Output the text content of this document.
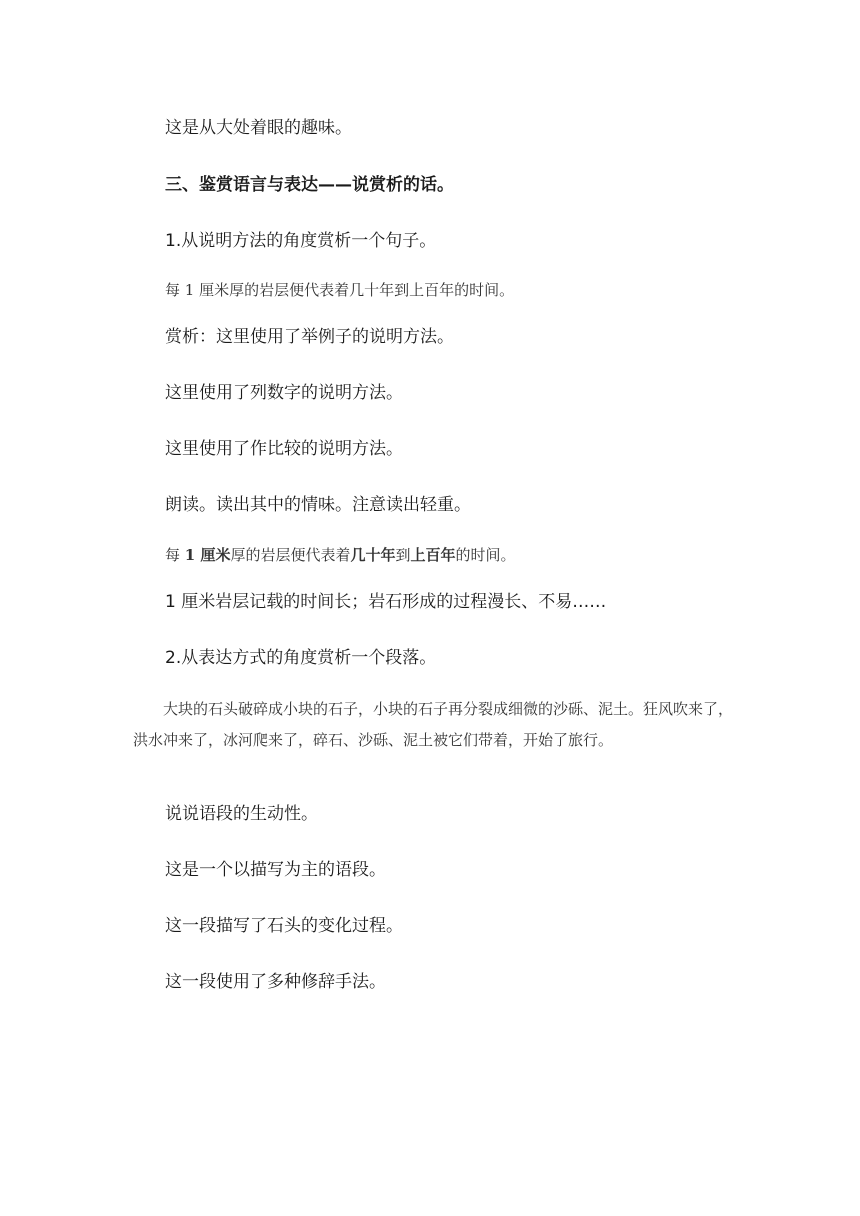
这是从大处着眼的趣味。
三、鉴赏语言与表达——说赏析的话。
1.从说明方法的角度赏析一个句子。
每 1 厘米厚的岩层便代表着几十年到上百年的时间。
赏析：这里使用了举例子的说明方法。
这里使用了列数字的说明方法。
这里使用了作比较的说明方法。
朗读。读出其中的情味。注意读出轻重。
每 1 厘米厚的岩层便代表着几十年到上百年的时间。
1 厘米岩层记载的时间长；岩石形成的过程漫长、不易……
2.从表达方式的角度赏析一个段落。
大块的石头破碎成小块的石子，小块的石子再分裂成细微的沙砾、泥土。狂风吹来了，洪水冲来了，冰河爬来了，碎石、沙砾、泥土被它们带着，开始了旅行。
说说语段的生动性。
这是一个以描写为主的语段。
这一段描写了石头的变化过程。
这一段使用了多种修辞手法。
